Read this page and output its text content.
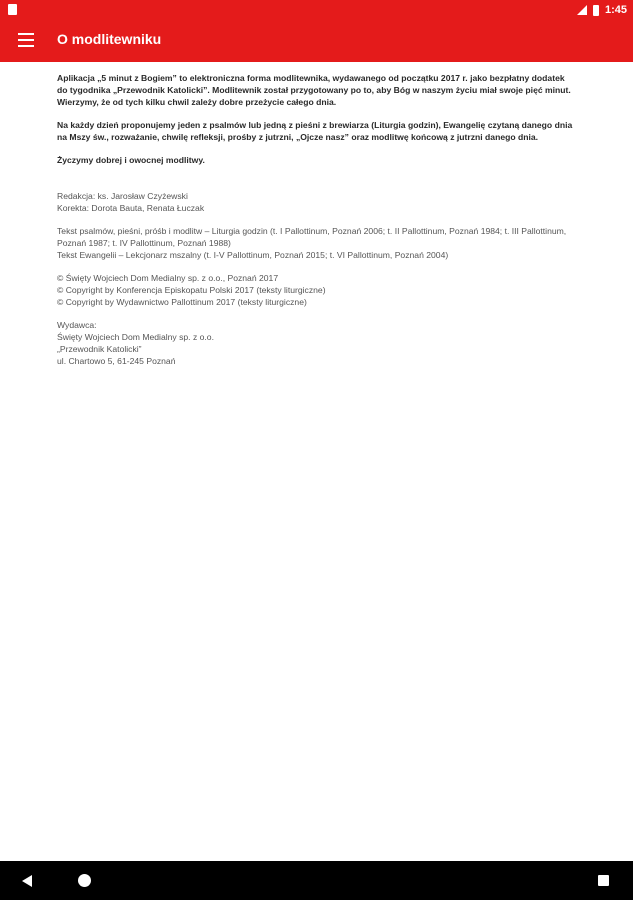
1:45
O modlitewniku

Aplikacja „5 minut z Bogiem” to elektroniczna forma modlitewnika, wydawanego od początku 2017 r. jako bezpłatny dodatek do tygodnika „Przewodnik Katolicki”. Modlitewnik został przygotowany po to, aby Bóg w naszym życiu miał swoje pięć minut. Wierzymy, że od tych kilku chwil zależy dobre przeżycie całego dnia.

Na każdy dzień proponujemy jeden z psalmów lub jedną z pieśni z brewiarza (Liturgia godzin), Ewangelię czytaną danego dnia na Mszy św., rozważanie, chwilę refleksji, prośby z jutrzni, „Ojcze nasz” oraz modlitwę końcową z jutrzni danego dnia.

Życzymy dobrej i owocnej modlitwy.

Redakcja: ks. Jarosław Czyżewski
Korekta: Dorota Bauta, Renata Łuczak
Tekst psalmów, pieśni, próśb i modlitw – Liturgia godzin (t. I Pallottinum, Poznań 2006; t. II Pallottinum, Poznań 1984; t. III Pallottinum, Poznań 1987; t. IV Pallottinum, Poznań 1988)
Tekst Ewangelii – Lekcjonarz mszalny (t. I-V Pallottinum, Poznań 2015; t. VI Pallottinum, Poznań 2004)
© Święty Wojciech Dom Medialny sp. z o.o., Poznań 2017
© Copyright by Konferencja Episkopatu Polski 2017 (teksty liturgiczne)
© Copyright by Wydawnictwo Pallottinum 2017 (teksty liturgiczne)
Wydawca:
Święty Wojciech Dom Medialny sp. z o.o.
„Przewodnik Katolicki”
ul. Chartowo 5, 61-245 Poznań
